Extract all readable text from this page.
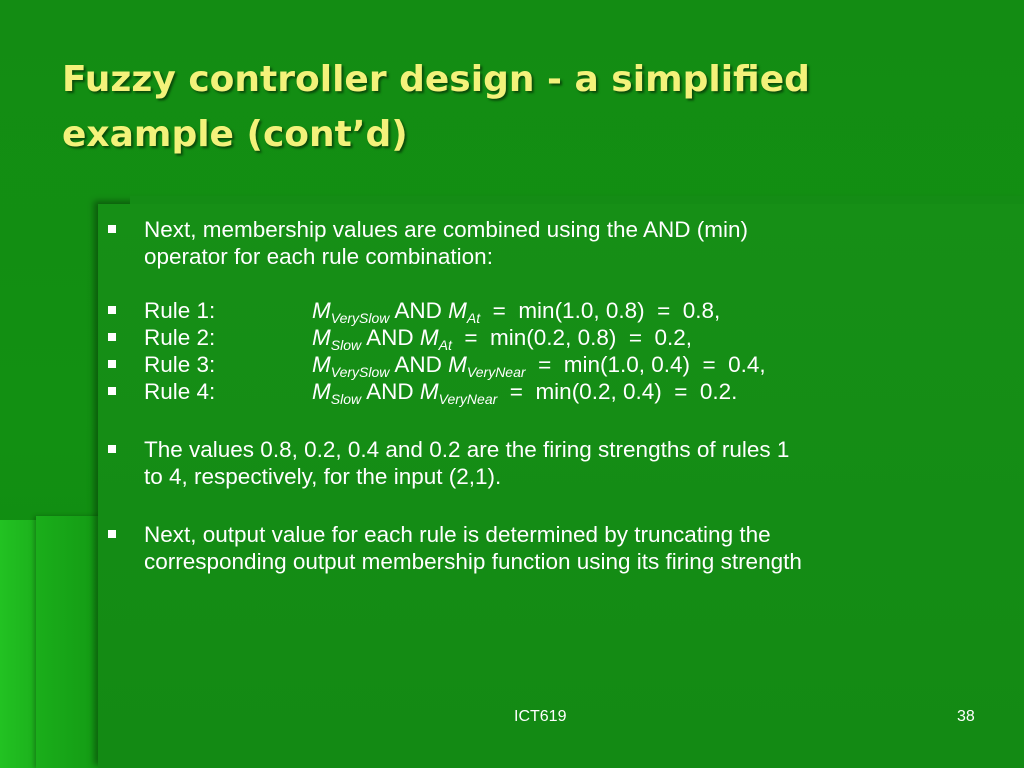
Fuzzy controller design - a simplified
example (cont’d)
Next, membership values are combined using the AND (min)
operator for each rule combination:
Rule 1:	$M_{VerySlow}$ AND $M_{At} = \min(1.0$, 0.8)  =  0.8,
Rule 2:	$M_{Slow}$ AND $M_{At} = \min(0.2$, 0.8)  =  0.2,
Rule 3:	$M_{VerySlow}$ AND $M_{VeryNear} = \min(1.0$, 0.4)  =  0.4,
Rule 4:	$M_{Slow}$ AND $M_{VeryNear} = \min(0.2$, 0.4)  =  0.2.
The values 0.8, 0.2, 0.4 and 0.2 are the firing strengths of rules 1
to 4, respectively, for the input (2,1).
Next, output value for each rule is determined by truncating the
corresponding output membership function using its firing strength
ICT619	38
